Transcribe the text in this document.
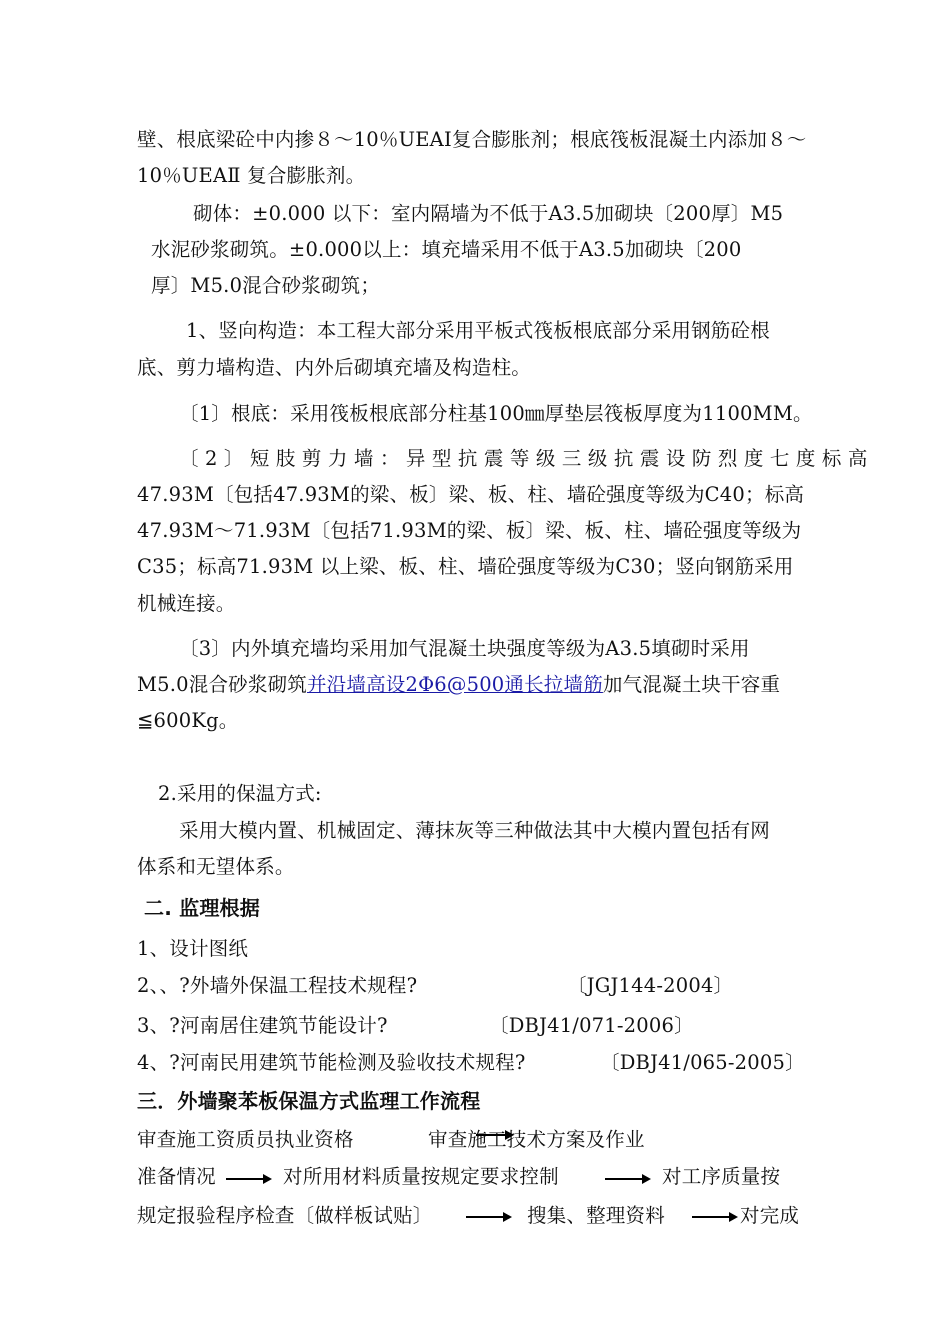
壁、根底梁砼中内掺８～10％UEAⅠ复合膨胀剂；根底筏板混凝土内添加８～
10％UEAⅡ 复合膨胀剂。
砌体：±0.000 以下：室内隔墙为不低于A3.5加砌块〔200厚〕M5
水泥砂浆砌筑。±0.000以上：填充墙采用不低于A3.5加砌块〔200
厚〕M5.0混合砂浆砌筑；
1、竖向构造：本工程大部分采用平板式筏板根底部分采用钢筋砼根
底、剪力墙构造、内外后砌填充墙及构造柱。
〔1〕根底：采用筏板根底部分柱基100㎜厚垫层筏板厚度为1100MM。
〔2〕短肢剪力墙：异型抗震等级三级抗震设防烈度七度标高
47.93M〔包括47.93M的梁、板〕梁、板、柱、墙砼强度等级为C40；标高
47.93M～71.93M〔包括71.93M的梁、板〕梁、板、柱、墙砼强度等级为
C35；标高71.93M 以上梁、板、柱、墙砼强度等级为C30；竖向钢筋采用
机械连接。
〔3〕内外填充墙均采用加气混凝土块强度等级为A3.5填砌时采用
M5.0混合砂浆砌筑并沿墙高设2Φ6@500通长拉墙筋加气混凝土块干容重
≦600Kg。
2.采用的保温方式:
采用大模内置、机械固定、薄抹灰等三种做法其中大模内置包括有网
体系和无望体系。
二. 监理根据
1、设计图纸
2、、?外墙外保温工程技术规程?	〔JGJ144-2004〕
3、?河南居住建筑节能设计?	〔DBJ41/071-2006〕
4、?河南民用建筑节能检测及验收技术规程?	〔DBJ41/065-2005〕
三．外墙聚苯板保温方式监理工作流程
审查施工资质员执业资格	审查施工技术方案及作业
准备情况	对所用材料质量按规定要求控制	对工序质量按
规定报验程序检查〔做样板试贴〕	搜集、整理资料	对完成
